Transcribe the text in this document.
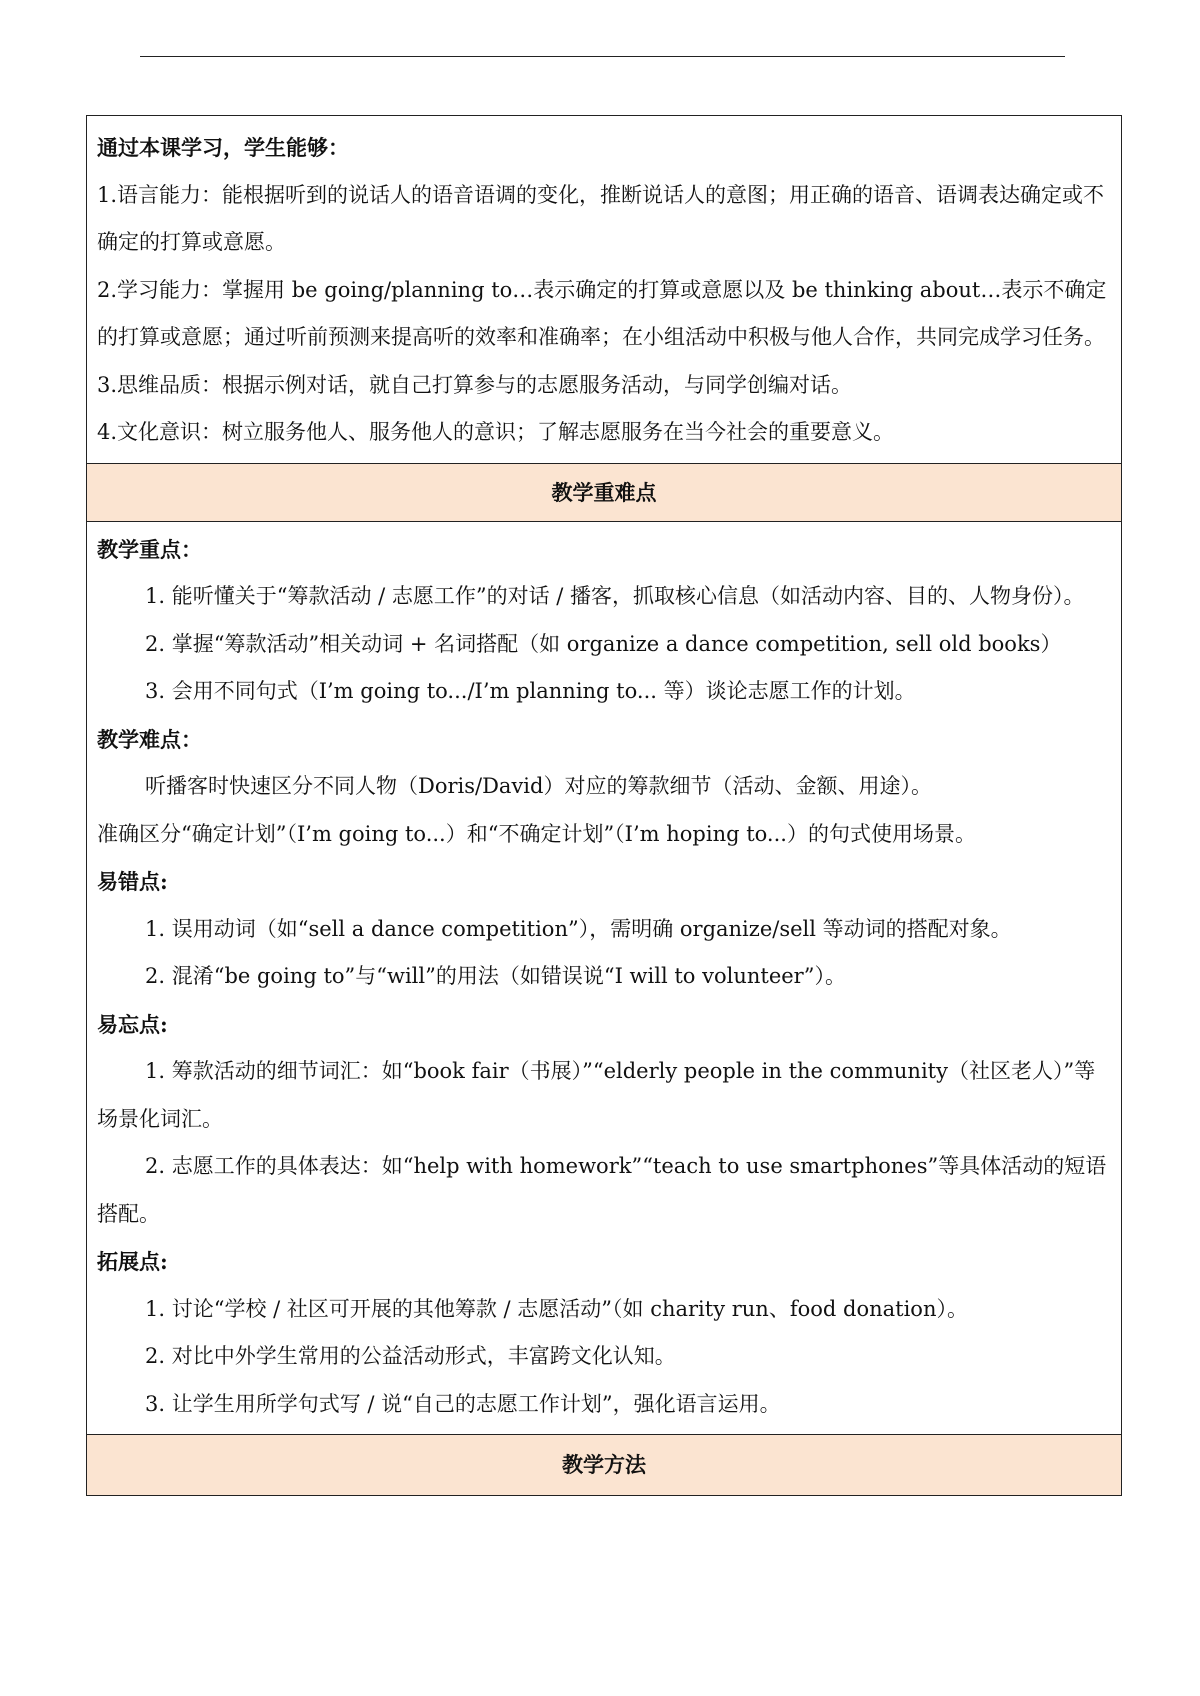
通过本课学习，学生能够：

1.语言能力：能根据听到的说话人的语音语调的变化，推断说话人的意图；用正确的语音、语调表达确定或不确定的打算或意愿。

2.学习能力：掌握用 be going/planning to…表示确定的打算或意愿以及 be thinking about…表示不确定的打算或意愿；通过听前预测来提高听的效率和准确率；在小组活动中积极与他人合作，共同完成学习任务。

3.思维品质：根据示例对话，就自己打算参与的志愿服务活动，与同学创编对话。

4.文化意识：树立服务他人、服务他人的意识；了解志愿服务在当今社会的重要意义。

教学重难点

教学重点：

1. 能听懂关于“筹款活动 / 志愿工作”的对话 / 播客，抓取核心信息（如活动内容、目的、人物身份）。

2. 掌握“筹款活动”相关动词 + 名词搭配（如 organize a dance competition, sell old books）

3. 会用不同句式（I’m going to.../I’m planning to... 等）谈论志愿工作的计划。

教学难点：

听播客时快速区分不同人物（Doris/David）对应的筹款细节（活动、金额、用途）。

准确区分“确定计划”（I’m going to...）和“不确定计划”（I’m hoping to...）的句式使用场景。

易错点:

1. 误用动词（如“sell a dance competition”），需明确 organize/sell 等动词的搭配对象。

2. 混淆“be going to”与“will”的用法（如错误说“I will to volunteer”）。

易忘点:

1. 筹款活动的细节词汇：如“book fair（书展）”“elderly people in the community（社区老人）”等场景化词汇。

2. 志愿工作的具体表达：如“help with homework”“teach to use smartphones”等具体活动的短语搭配。

拓展点:

1. 讨论“学校 / 社区可开展的其他筹款 / 志愿活动”（如 charity run、food donation）。

2. 对比中外学生常用的公益活动形式，丰富跨文化认知。

3. 让学生用所学句式写 / 说“自己的志愿工作计划”，强化语言运用。

教学方法
